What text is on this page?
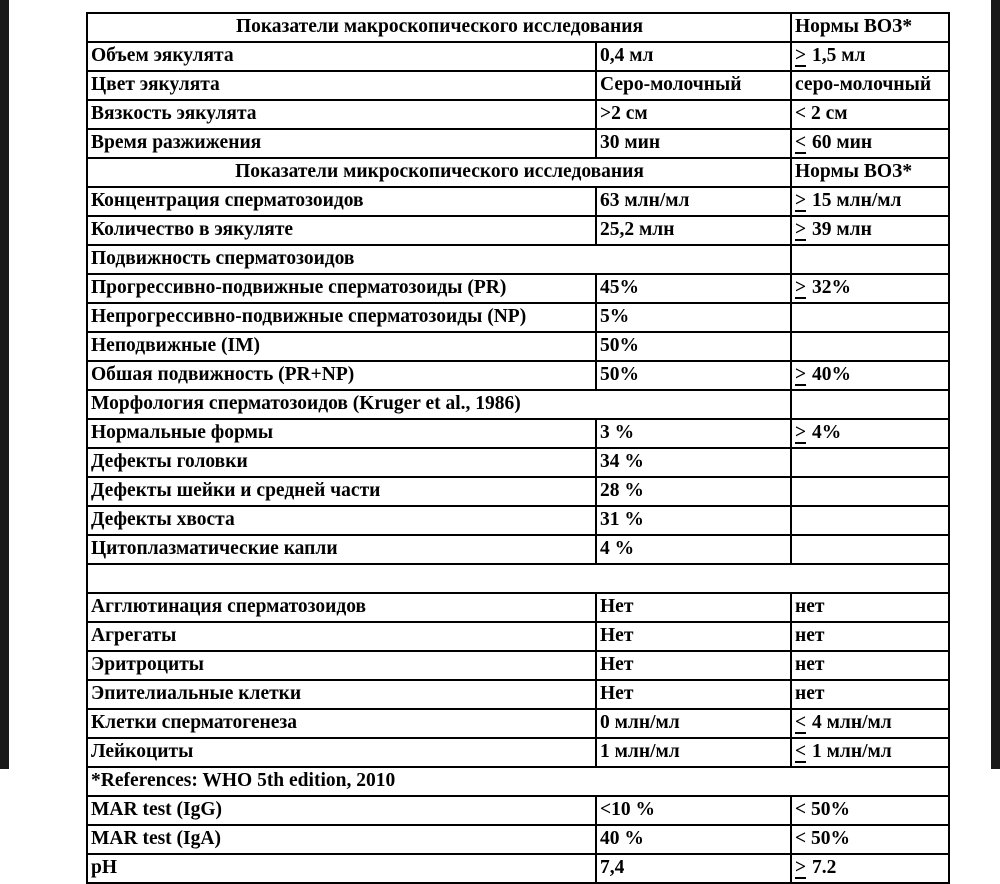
Показатели макроскопического исследования		Нормы ВОЗ*
Объем эякулята	0,4 мл	> 1,5 мл
Цвет эякулята	Серо-молочный	серо-молочный
Вязкость эякулята	>2 см	< 2 см
Время разжижения	30 мин	< 60 мин
Показатели микроскопического исследования		Нормы ВОЗ*
Концентрация сперматозоидов	63 млн/мл	> 15 млн/мл
Количество в эякуляте	25,2 млн	> 39 млн
Подвижность сперматозоидов		
Прогрессивно-подвижные сперматозоиды (PR)	45%	> 32%
Непрогрессивно-подвижные сперматозоиды (NP)	5%	
Неподвижные (IM)	50%	
Обшая подвижность (PR+NP)	50%	> 40%
Морфология сперматозоидов (Kruger et al., 1986)		
Нормальные формы	3 %	> 4%
Дефекты головки	34 %	
Дефекты шейки и средней части	28 %	
Дефекты хвоста	31 %	
Цитоплазматические капли	4 %	

Агглютинация сперматозоидов	Нет	нет
Агрегаты	Нет	нет
Эритроциты	Нет	нет
Эпителиальные клетки	Нет	нет
Клетки сперматогенеза	0 млн/мл	< 4 млн/мл
Лейкоциты	1 млн/мл	< 1 млн/мл
*References: WHO 5th edition, 2010		
MAR test (IgG)	<10 %	< 50%
MAR test (IgA)	40 %	< 50%
pH	7,4	> 7.2
